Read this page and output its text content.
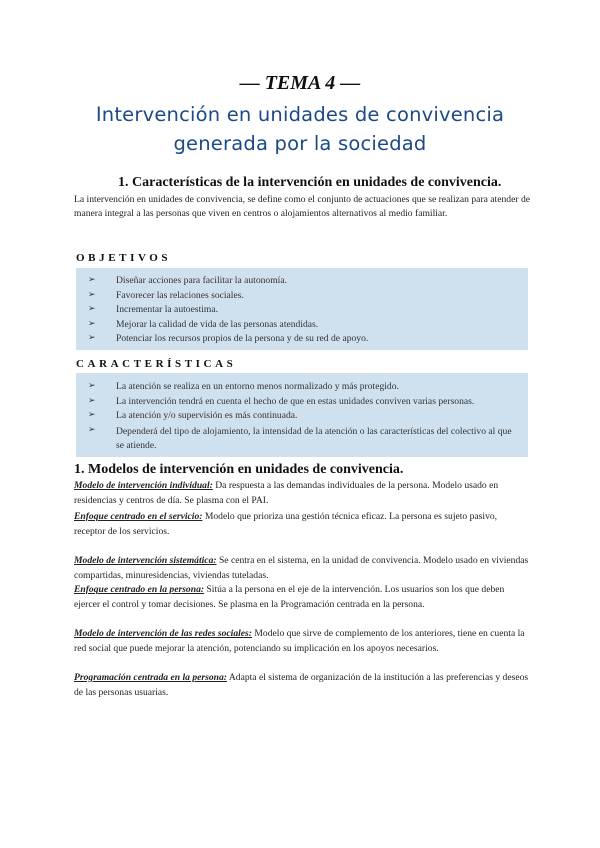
— TEMA 4 —
Intervención en unidades de convivencia
generada por la sociedad
1. Características de la intervención en unidades de convivencia.
La intervención en unidades de convivencia, se define como el conjunto de actuaciones que se realizan para atender de manera integral a las personas que viven en centros o alojamientos alternativos al medio familiar.
OBJETIVOS
➢ Diseñar acciones para facilitar la autonomía.
➢ Favorecer las relaciones sociales.
➢ Incrementar la autoestima.
➢ Mejorar la calidad de vida de las personas atendidas.
➢ Potenciar los recursos propios de la persona y de su red de apoyo.
CARACTERÍSTICAS
➢ La atención se realiza en un entorno menos normalizado y más protegido.
➢ La intervención tendrá en cuenta el hecho de que en estas unidades conviven varias personas.
➢ La atención y/o supervisión es más continuada.
➢ Dependerá del tipo de alojamiento, la intensidad de la atención o las características del colectivo al que se atiende.
1. Modelos de intervención en unidades de convivencia.
Modelo de intervención individual: Da respuesta a las demandas individuales de la persona. Modelo usado en residencias y centros de día. Se plasma con el PAI.
Enfoque centrado en el servicio: Modelo que prioriza una gestión técnica eficaz. La persona es sujeto pasivo, receptor de los servicios.
Modelo de intervención sistemática: Se centra en el sistema, en la unidad de convivencia. Modelo usado en viviendas compartidas, minuresidencias, viviendas tuteladas.
Enfoque centrado en la persona: Sitúa a la persona en el eje de la intervención. Los usuarios son los que deben ejercer el control y tomar decisiones. Se plasma en la Programación centrada en la persona.
Modelo de intervención de las redes sociales: Modelo que sirve de complemento de los anteriores, tiene en cuenta la red social que puede mejorar la atención, potenciando su implicación en los apoyos necesarios.
Programación centrada en la persona: Adapta el sistema de organización de la institución a las preferencias y deseos de las personas usuarias.
